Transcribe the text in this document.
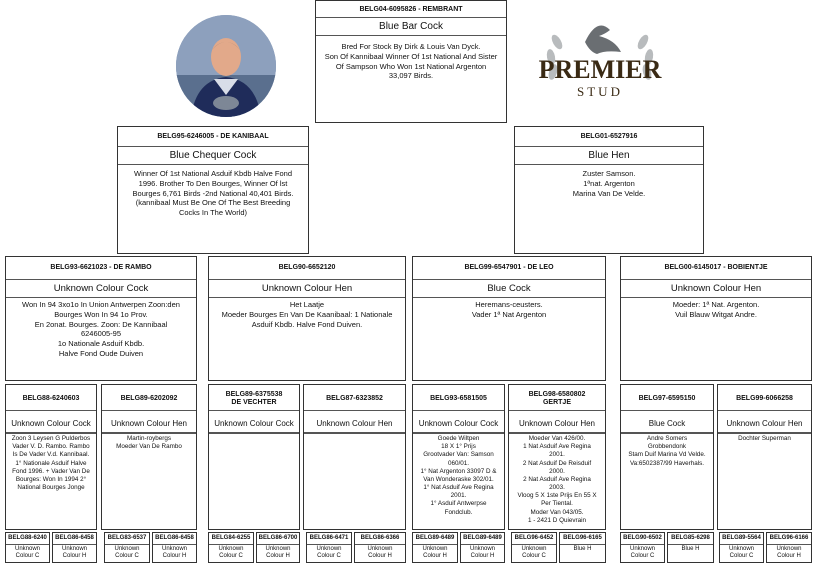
BELG04-6095826 - REMBRANT
Blue Bar Cock
Bred For Stock By Dirk & Louis Van Dyck.
Son Of Kannibaal Winner Of 1st National And Sister
Of Sampson Who Won 1st National Argenton
33,097 Birds.	PREMIER
STUD
BELG95-6246005 - DE KANIBAAL
Blue Chequer Cock
Winner Of 1st National Asduif Kbdb Halve Fond
1996. Brother To Den Bourges, Winner Of lst
Bourges 6,761 Birds -2nd National 40,401 Birds.
(kannibaal Must Be One Of The Best Breeding
Cocks In The World)
BELG01-6527916
Blue Hen
Zuster Samson.
1ªnat. Argenton
Marina Van De Velde.
BELG93-6621023 - DE RAMBO
Unknown Colour Cock
Won In 94 3xo1o In Union Antwerpen Zoon:den
Bourges Won In 94 1o Prov.
En 2onat. Bourges. Zoon: De Kannibaal
6246005-95
1o Nationale Asduif Kbdb.
Halve Fond Oude Duiven
BELG90-6652120
Unknown Colour Hen
Het Laatje
Moeder Bourges En Van De Kaanibaal: 1 Nationale
Asduif Kbdb. Halve Fond Duiven.
BELG99-6547901 - DE LEO
Blue Cock
Heremans-ceusters.
Vader 1ª Nat Argenton
BELG00-6145017 - BOBIENTJE
Unknown Colour Hen
Moeder: 1ª Nat. Argenton.
Vuil Blauw Witgat Andre.
BELG88-6240603
Unknown Colour Cock
Zoon 3 Leysen G Pulderbos
Vader V. D. Rambo. Rambo
Is De Vader V.d. Kannibaal.
1° Nationale Asduif Halve
Fond 1996. + Vader Van De
Bourges: Won In 1994 2°
National Bourges Jonge
BELG89-6202092
Unknown Colour Hen
Martin-roybergs
Moeder Van De Rambo
BELG89-6375538
DE VECHTER
Unknown Colour Cock
BELG87-6323852
Unknown Colour Hen
BELG93-6581505
Unknown Colour Cock
Goede Wiltpen
18 X 1° Prijs
Grootvader Van: Samson
060/01.
1° Nat Argenton 33097 D &
Van Wonderaske 302/01.
1° Nat Asduif Ave Regina
2001.
1° Asduif Antwerpse
Fondclub.
BELG98-6580802
GERTJE
Unknown Colour Hen
Moeder Van 426/00.
1 Nat Asduif Ave Regina
2001.
2 Nat Asduif De Reisduif
2000.
2 Nat Asduif Ave Regina
2003.
Vloog 5 X 1ste Prijs En 55 X
Per Tiental.
Moder Van 043/05.
1 - 2421 D Quievrain
BELG97-6595150
Blue Cock
Andre Somers
Grobbendonk
Stam Duif Marina Vd Velde.
Va:6502387/99 Haverhals.
BELG99-6066258
Unknown Colour Hen
Dochter Superman
BELG88-6240
Unknown
Colour C
BELG86-6458
Unknown
Colour H
BELG83-6537
Unknown
Colour C
BELG86-6458
Unknown
Colour H
BELG84-6255
Unknown
Colour C
BELG86-6700
Unknown
Colour H
BELG86-6471
Unknown
Colour C
BELG86-6366
Unknown
Colour H
BELG89-6489
Unknown
Colour H
BELG89-6489
Unknown
Colour H
BELG96-6452
Unknown
Colour C
BELG96-6165
Blue H
BELG90-6502
Unknown
Colour C
BELG85-6298
Blue H
BELG89-5564
Unknown
Colour C
BELG96-6166
Unknown
Colour H
